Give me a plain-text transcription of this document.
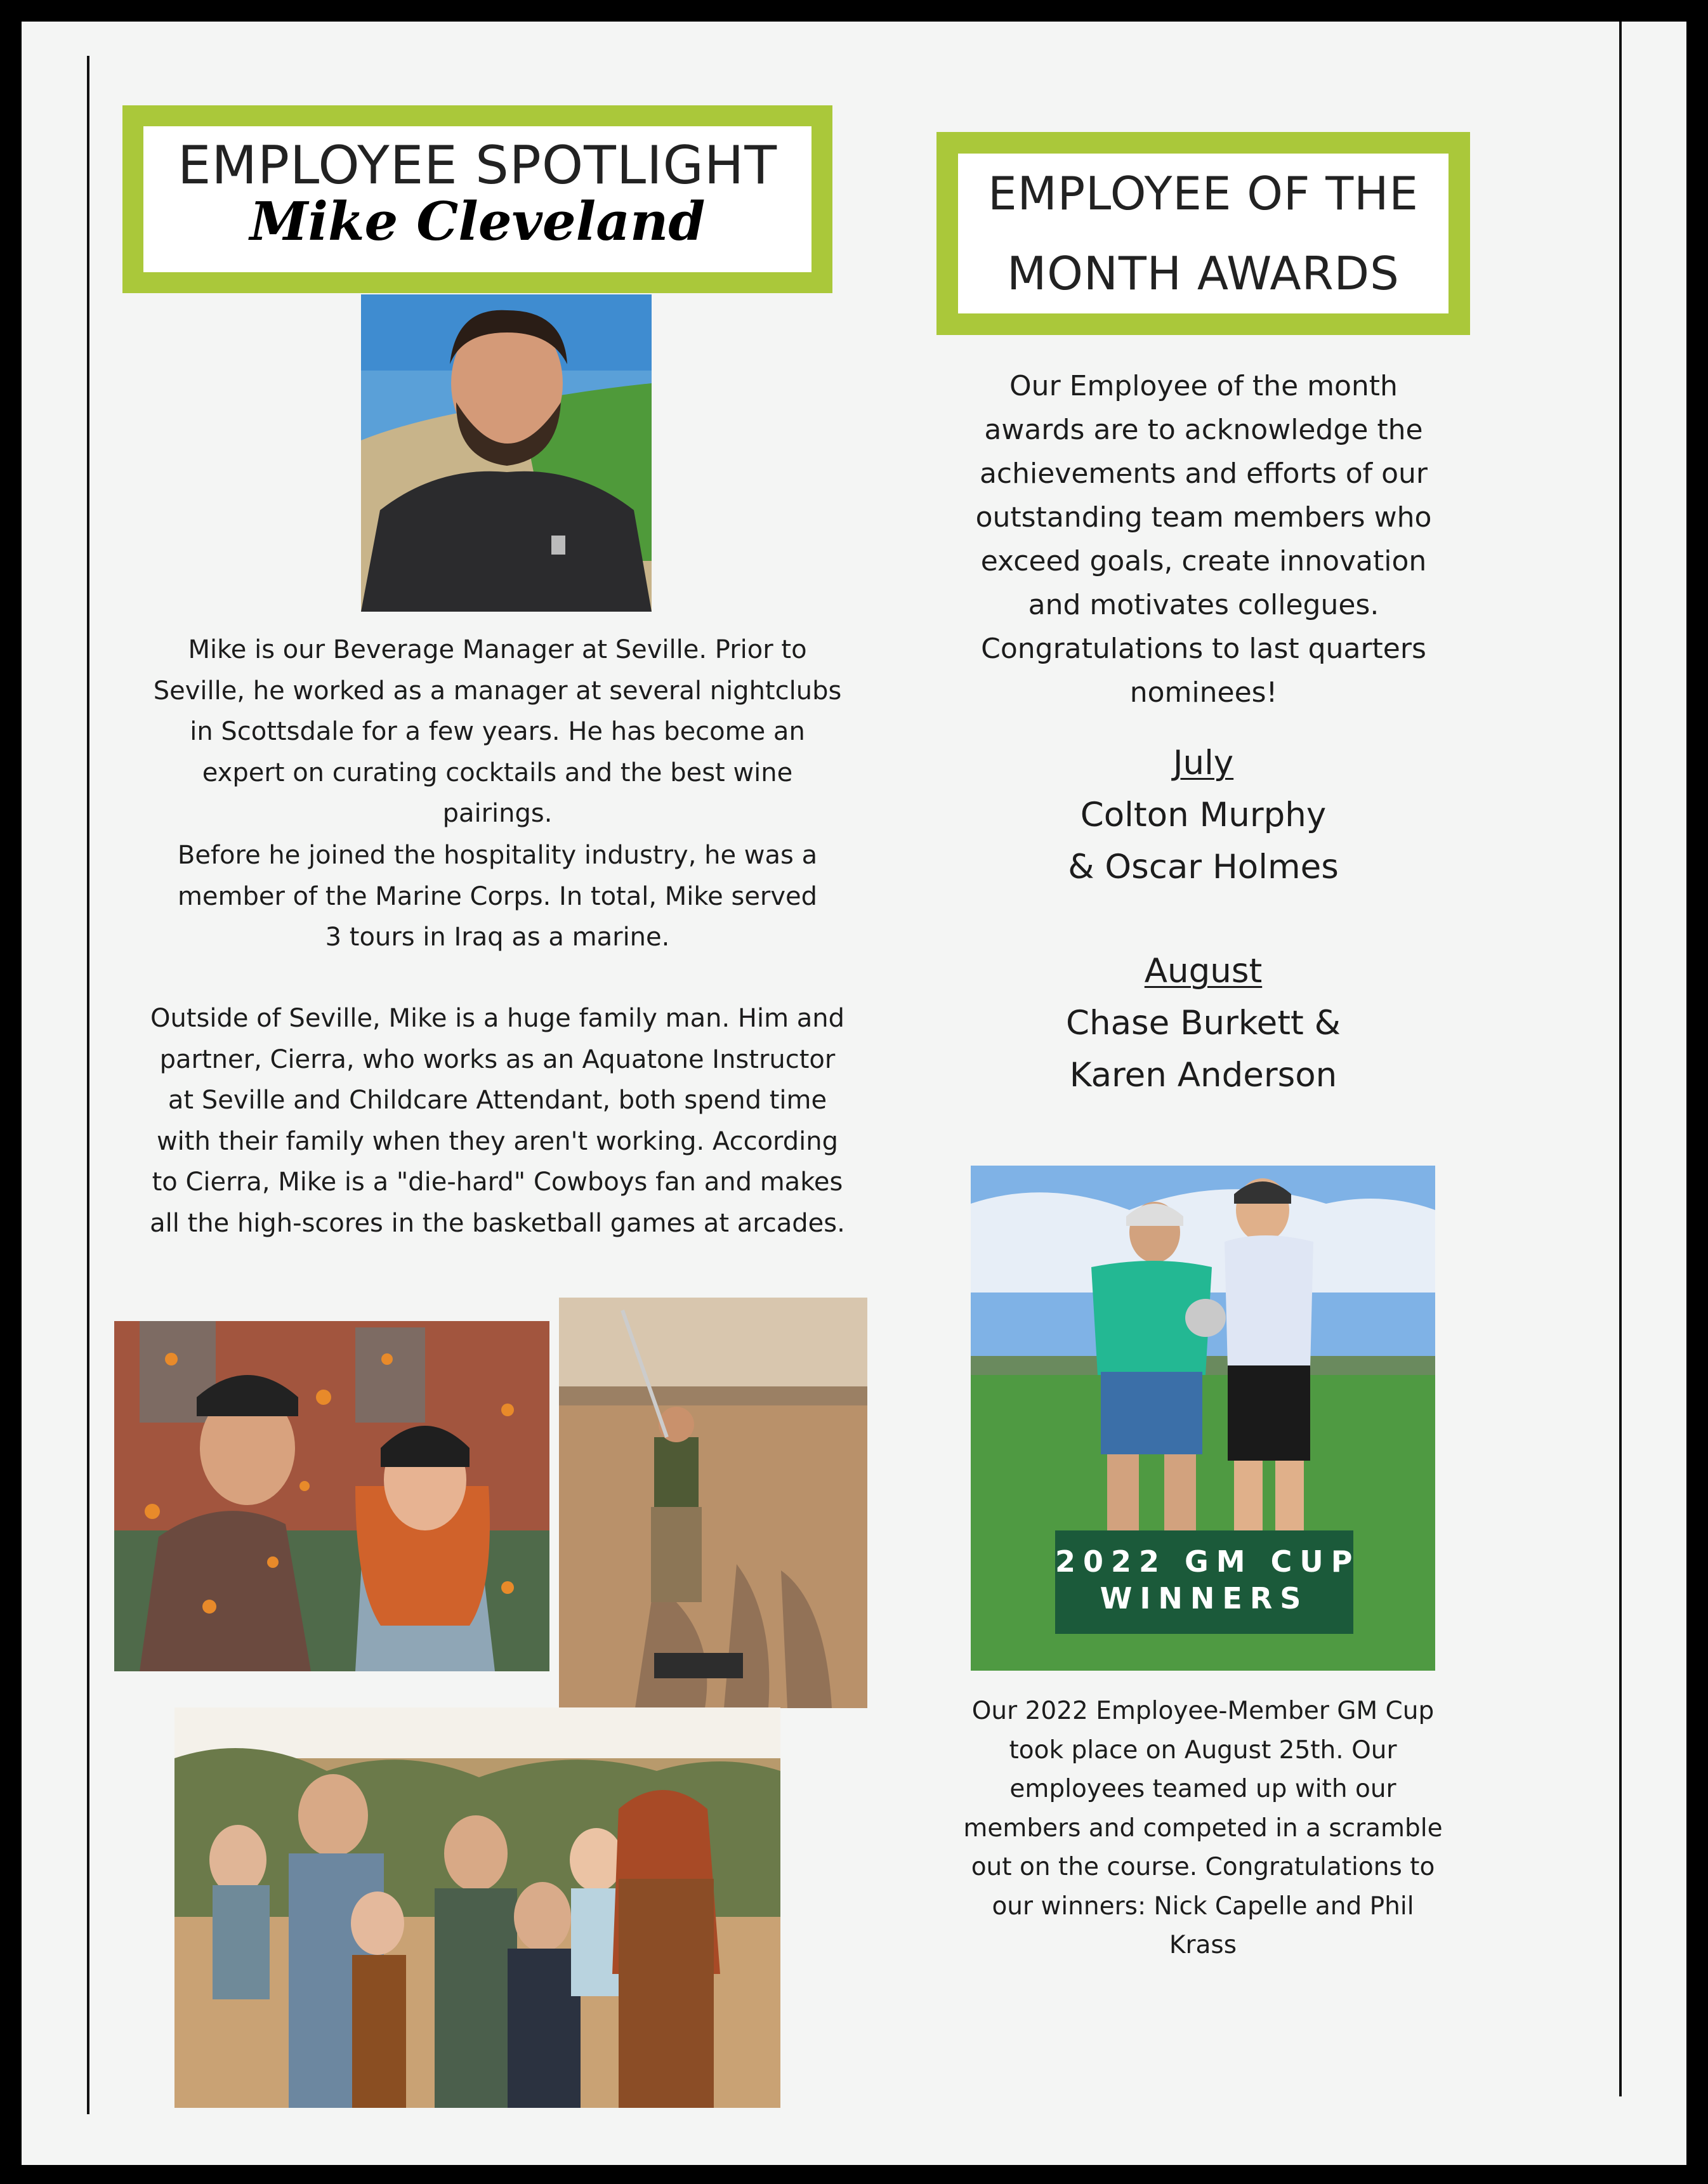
EMPLOYEE SPOTLIGHT
Mike Cleveland
Mike is our Beverage Manager at Seville. Prior to Seville, he worked as a manager at several nightclubs in Scottsdale for a few years. He has become an expert on curating cocktails and the best wine pairings.
Before he joined the hospitality industry, he was a member of the Marine Corps. In total, Mike served 3 tours in Iraq as a marine.
Outside of Seville, Mike is a huge family man. Him and partner, Cierra, who works as an Aquatone Instructor at Seville and Childcare Attendant, both spend time with their family when they aren't working. According to Cierra, Mike is a "die-hard" Cowboys fan and makes all the high-scores in the basketball games at arcades.
EMPLOYEE OF THE
MONTH AWARDS
Our Employee of the month awards are to acknowledge the achievements and efforts of our outstanding team members who exceed goals, create innovation and motivates collegues. Congratulations to last quarters nominees!
July
Colton Murphy
& Oscar Holmes
August
Chase Burkett &
Karen Anderson
2022 GM CUP
WINNERS
Our 2022 Employee-Member GM Cup took place on August 25th. Our employees teamed up with our members and competed in a scramble out on the course. Congratulations to our winners: Nick Capelle and Phil Krass
